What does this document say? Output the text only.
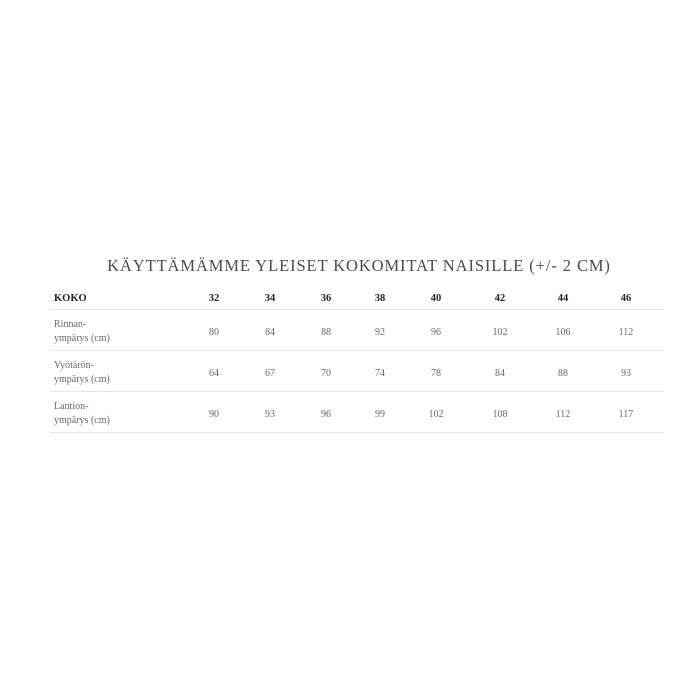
KÄYTTÄMÄMME YLEISET KOKOMITAT NAISILLE (+/- 2 CM)
KOKO	32	34	36	38	40	42	44	46
Rinnan-
ympärys (cm)
80	84	88	92	96	102	106	112
Vyötärön-
ympärys (cm)
64	67	70	74	78	84	88	93
Lantion-
ympärys (cm)
90	93	96	99	102	108	112	117
